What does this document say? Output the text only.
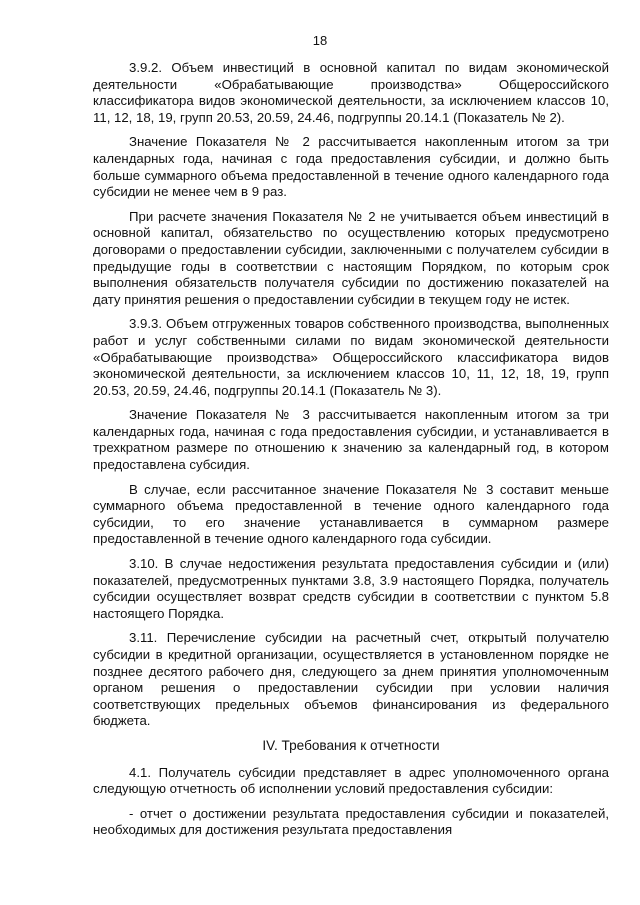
18

3.9.2. Объем инвестиций в основной капитал по видам экономической деятельности «Обрабатывающие производства» Общероссийского классификатора видов экономической деятельности, за исключением классов 10, 11, 12, 18, 19, групп 20.53, 20.59, 24.46, подгруппы 20.14.1 (Показатель № 2).

Значение Показателя № 2 рассчитывается накопленным итогом за три календарных года, начиная с года предоставления субсидии, и должно быть больше суммарного объема предоставленной в течение одного календарного года субсидии не менее чем в 9 раз.

При расчете значения Показателя № 2 не учитывается объем инвестиций в основной капитал, обязательство по осуществлению которых предусмотрено договорами о предоставлении субсидии, заключенными с получателем субсидии в предыдущие годы в соответствии с настоящим Порядком, по которым срок выполнения обязательств получателя субсидии по достижению показателей на дату принятия решения о предоставлении субсидии в текущем году не истек.

3.9.3. Объем отгруженных товаров собственного производства, выполненных работ и услуг собственными силами по видам экономической деятельности «Обрабатывающие производства» Общероссийского классификатора видов экономической деятельности, за исключением классов 10, 11, 12, 18, 19, групп 20.53, 20.59, 24.46, подгруппы 20.14.1 (Показатель № 3).

Значение Показателя № 3 рассчитывается накопленным итогом за три календарных года, начиная с года предоставления субсидии, и устанавливается в трехкратном размере по отношению к значению за календарный год, в котором предоставлена субсидия.

В случае, если рассчитанное значение Показателя № 3 составит меньше суммарного объема предоставленной в течение одного календарного года субсидии, то его значение устанавливается в суммарном размере предоставленной в течение одного календарного года субсидии.

3.10. В случае недостижения результата предоставления субсидии и (или) показателей, предусмотренных пунктами 3.8, 3.9 настоящего Порядка, получатель субсидии осуществляет возврат средств субсидии в соответствии с пунктом 5.8 настоящего Порядка.

3.11. Перечисление субсидии на расчетный счет, открытый получателю субсидии в кредитной организации, осуществляется в установленном порядке не позднее десятого рабочего дня, следующего за днем принятия уполномоченным органом решения о предоставлении субсидии при условии наличия соответствующих предельных объемов финансирования из федерального бюджета.

IV. Требования к отчетности

4.1. Получатель субсидии представляет в адрес уполномоченного органа следующую отчетность об исполнении условий предоставления субсидии:

- отчет о достижении результата предоставления субсидии и показателей, необходимых для достижения результата предоставления
